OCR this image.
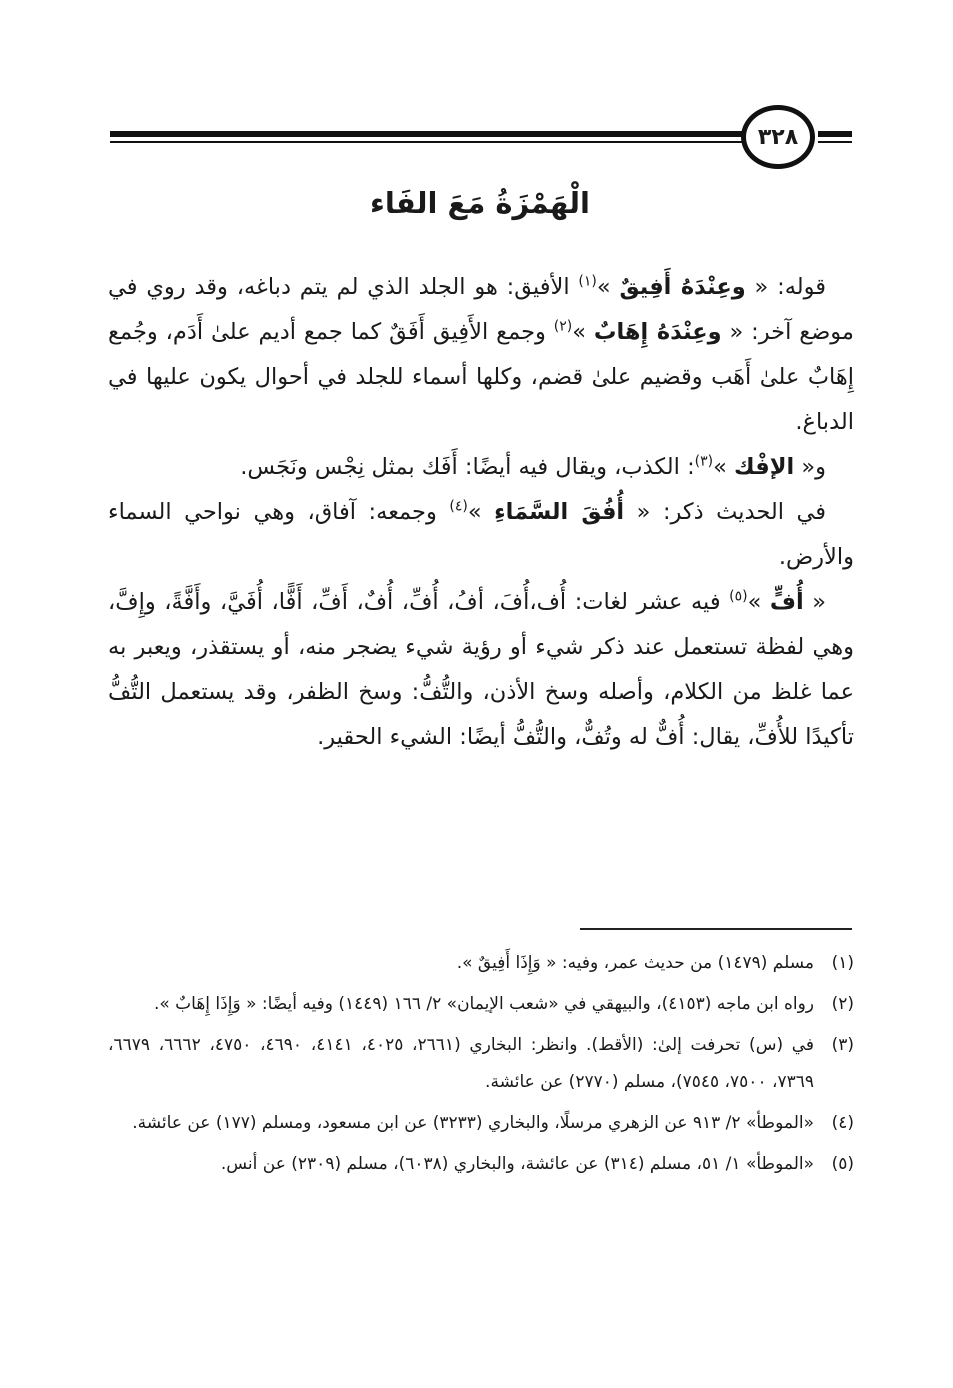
٣٢٨
الْهَمْزَةُ مَعَ الفَاء

قوله: « وعِنْدَهُ أَفِيقٌ »$^{(١)}$ الأفيق: هو الجلد الذي لم يتم دباغه، وقد روي في موضع آخر: « وعِنْدَهُ إِهَابٌ »$^{(٢)}$ وجمع الأَفِيق أَفَقٌ كما جمع أديم علىٰ أَدَم، وجُمع إِهَابٌ علىٰ أَهَب وقضيم علىٰ قضم، وكلها أسماء للجلد في أحوال يكون عليها في الدباغ.

و« الإفْك »$^{(٣)}$: الكذب، ويقال فيه أيضًا: أَفَك بمثل نِجْس ونَجَس.

في الحديث ذكر: « أُفُقَ السَّمَاءِ »$^{(٤)}$ وجمعه: آفاق، وهي نواحي السماء والأرض.

« أُفٍّ »$^{(٥)}$ فيه عشر لغات: أُف،أُفَ، أفُ، أُفِّ، أُفٌ، أَفِّ، أَفًّا، أُفَيَّ، وأَفَّةً، وإِفَّ، وهي لفظة تستعمل عند ذكر شيء أو رؤية شيء يضجر منه، أو يستقذر، ويعبر به عما غلظ من الكلام، وأصله وسخ الأذن، والتُّفُّ: وسخ الظفر، وقد يستعمل التُّفُّ تأكيدًا للأُفِّ، يقال: أُفٌّ له وتُفٌّ، والتُّفُّ أيضًا: الشيء الحقير.

(١)
مسلم (١٤٧٩) من حديث عمر، وفيه: « وَإِذَا أَفِيقٌ ».
(٢)
رواه ابن ماجه (٤١٥٣)، والبيهقي في «شعب الإيمان» ٢/ ١٦٦ (١٤٤٩) وفيه أيضًا: « وَإِذَا إِهَابٌ ».
(٣)
في (س) تحرفت إلىٰ: (الأقط). وانظر: البخاري (٢٦٦١، ٤٠٢٥، ٤١٤١، ٤٦٩٠، ٤٧٥٠، ٦٦٦٢، ٦٦٧٩، ٧٣٦٩، ٧٥٠٠، ٧٥٤٥)، مسلم (٢٧٧٠) عن عائشة.
(٤)
«الموطأ» ٢/ ٩١٣ عن الزهري مرسلًا، والبخاري (٣٢٣٣) عن ابن مسعود، ومسلم (١٧٧) عن عائشة.
(٥)
«الموطأ» ١/ ٥١، مسلم (٣١٤) عن عائشة، والبخاري (٦٠٣٨)، مسلم (٢٣٠٩) عن أنس.
